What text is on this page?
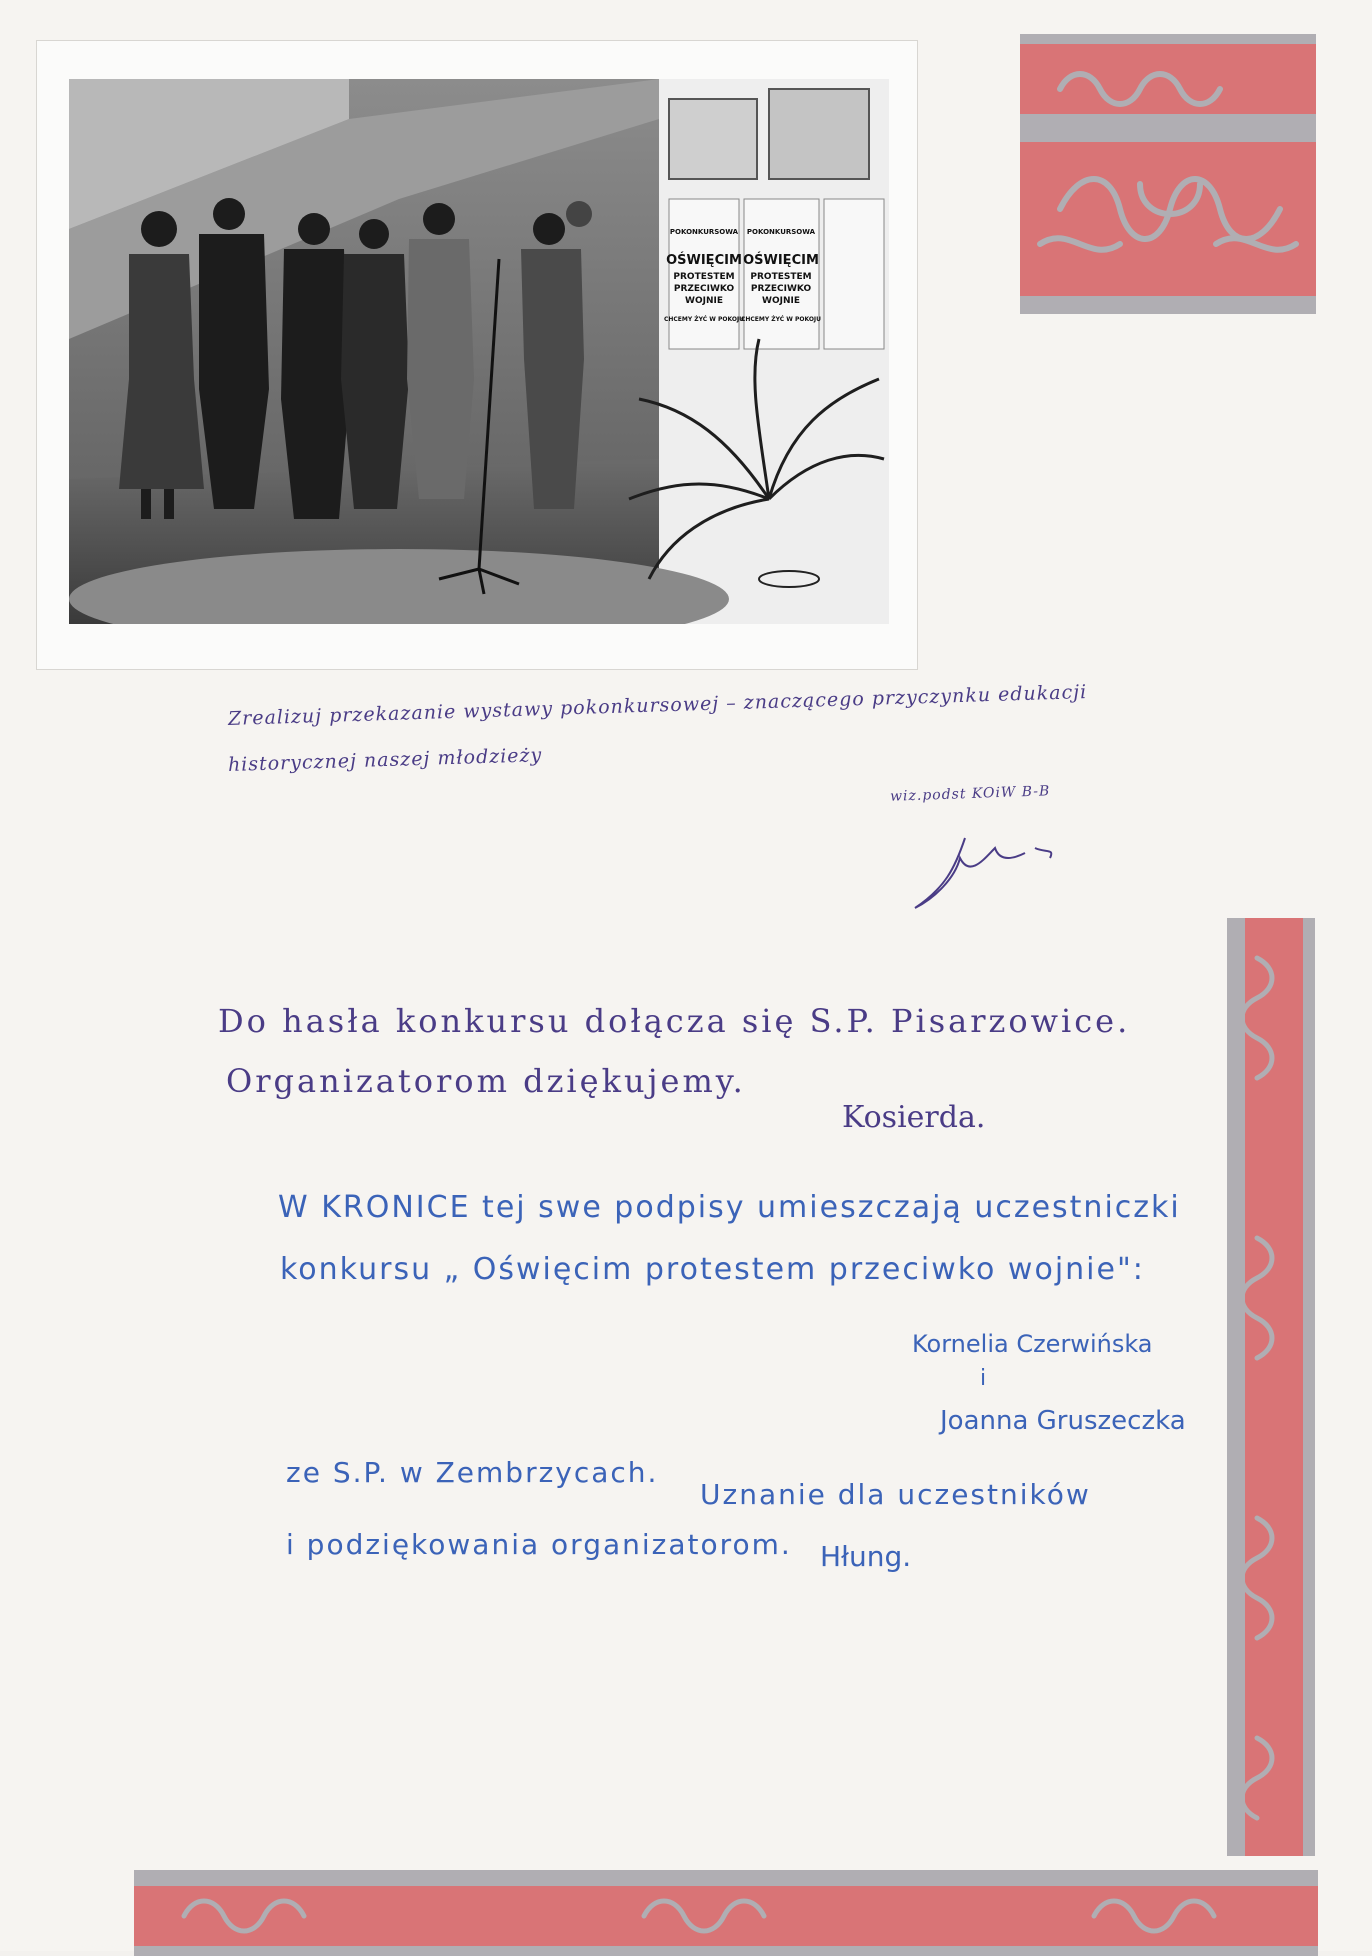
POKONKURSOWA
OŚWIĘCIM
PROTESTEM
PRZECIWKO
WOJNIE
CHCEMY ŻYĆ W POKOJU
POKONKURSOWA
OŚWIĘCIM
PROTESTEM
PRZECIWKO
WOJNIE
CHCEMY ŻYĆ W POKOJU
Zrealizuj przekazanie wystawy pokonkursowej – znaczącego przyczynku edukacji
historycznej naszej młodzieży
wiz.podst KOiW B-B
Do hasła konkursu dołącza się S.P. Pisarzowice.
Organizatorom dziękujemy.
Kosierda.
W KRONICE tej swe podpisy umieszczają uczestniczki
konkursu „ Oświęcim protestem przeciwko wojnie":
Kornelia Czerwińska
i
Joanna Gruszeczka
ze S.P. w Zembrzycach.
Uznanie dla uczestników
i podziękowania organizatorom. Hłung.
